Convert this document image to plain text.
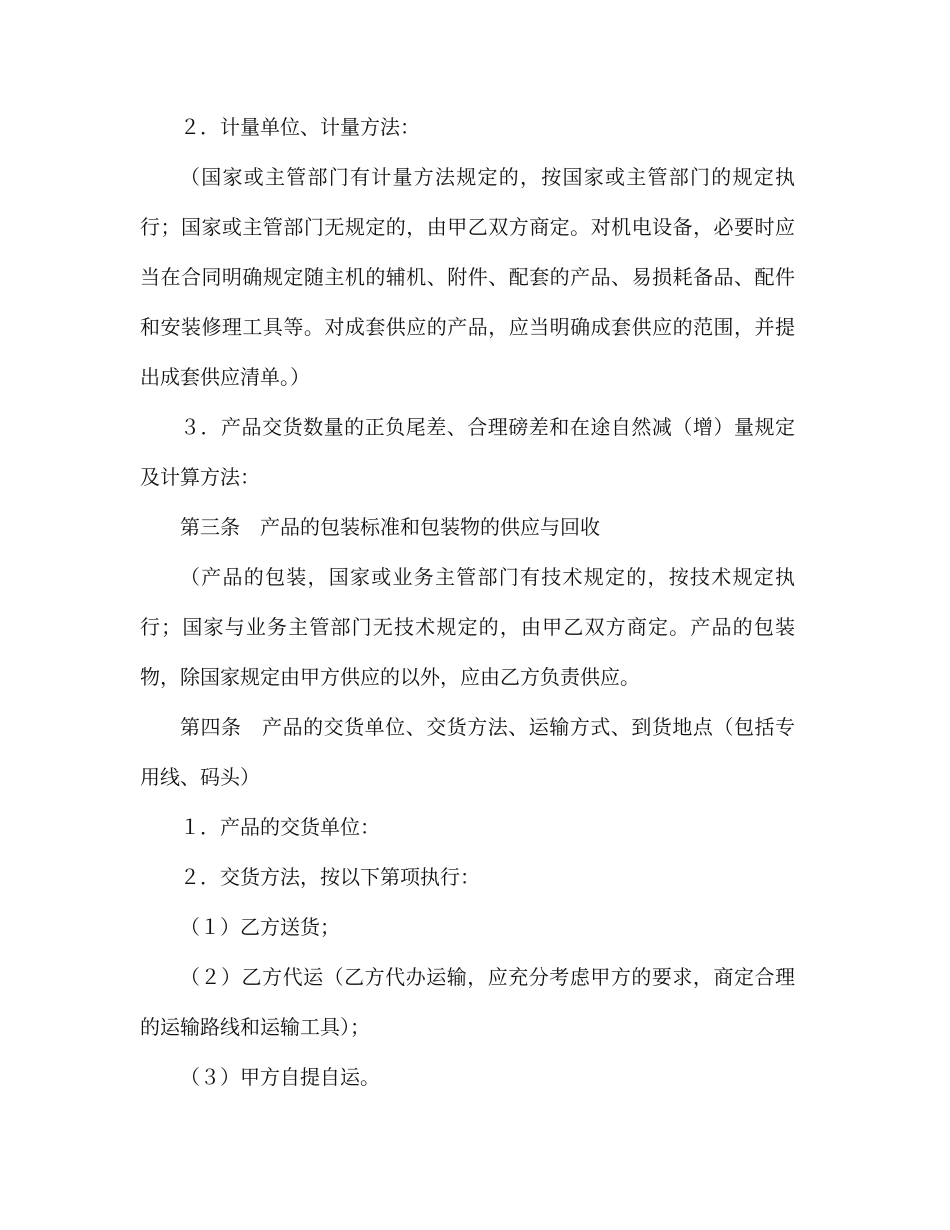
２．计量单位、计量方法：

（国家或主管部门有计量方法规定的，按国家或主管部门的规定执行；国家或主管部门无规定的，由甲乙双方商定。对机电设备，必要时应当在合同明确规定随主机的辅机、附件、配套的产品、易损耗备品、配件和安装修理工具等。对成套供应的产品，应当明确成套供应的范围，并提出成套供应清单。）

３．产品交货数量的正负尾差、合理磅差和在途自然减（增）量规定及计算方法：

第三条　产品的包装标准和包装物的供应与回收

（产品的包装，国家或业务主管部门有技术规定的，按技术规定执行；国家与业务主管部门无技术规定的，由甲乙双方商定。产品的包装物，除国家规定由甲方供应的以外，应由乙方负责供应。

第四条　产品的交货单位、交货方法、运输方式、到货地点（包括专用线、码头）

１．产品的交货单位：

２．交货方法，按以下第项执行：

（１）乙方送货；

（２）乙方代运（乙方代办运输，应充分考虑甲方的要求，商定合理的运输路线和运输工具）；

（３）甲方自提自运。
